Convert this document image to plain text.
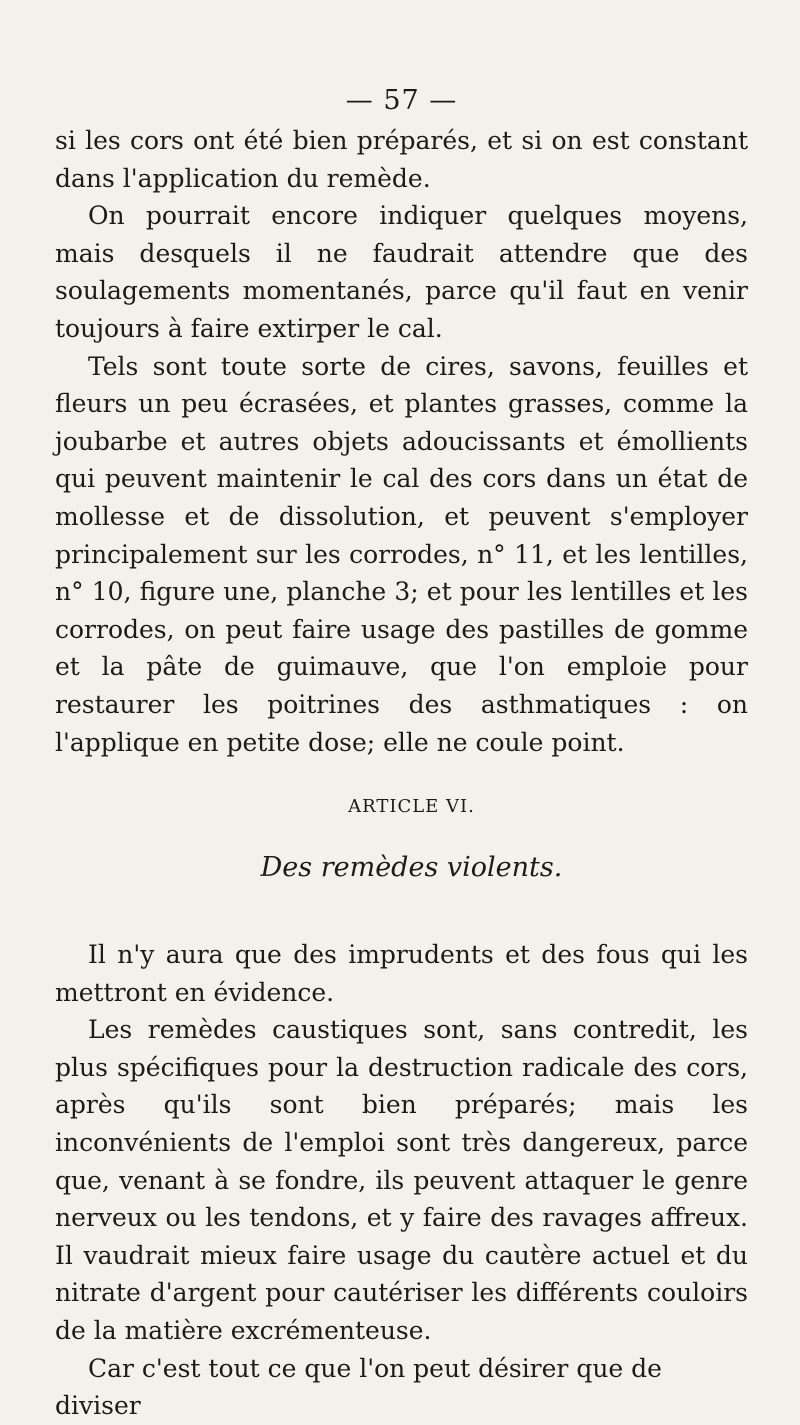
— 57 —

si les cors ont été bien préparés, et si on est constant dans l'application du remède.

On pourrait encore indiquer quelques moyens, mais desquels il ne faudrait attendre que des soulagements momentanés, parce qu'il faut en venir toujours à faire extirper le cal.

Tels sont toute sorte de cires, savons, feuilles et fleurs un peu écrasées, et plantes grasses, comme la joubarbe et autres objets adoucissants et émollients qui peuvent maintenir le cal des cors dans un état de mollesse et de dissolution, et peuvent s'employer principalement sur les corrodes, n° 11, et les lentilles, n° 10, figure une, planche 3; et pour les lentilles et les corrodes, on peut faire usage des pastilles de gomme et la pâte de guimauve, que l'on emploie pour restaurer les poitrines des asthmatiques : on l'applique en petite dose; elle ne coule point.

ARTICLE VI.
Des remèdes violents.

Il n'y aura que des imprudents et des fous qui les mettront en évidence.

Les remèdes caustiques sont, sans contredit, les plus spécifiques pour la destruction radicale des cors, après qu'ils sont bien préparés; mais les inconvénients de l'emploi sont très dangereux, parce que, venant à se fondre, ils peuvent attaquer le genre nerveux ou les tendons, et y faire des ravages affreux. Il vaudrait mieux faire usage du cautère actuel et du nitrate d'argent pour cautériser les différents couloirs de la matière excrémenteuse.

Car c'est tout ce que l'on peut désirer que de diviser
